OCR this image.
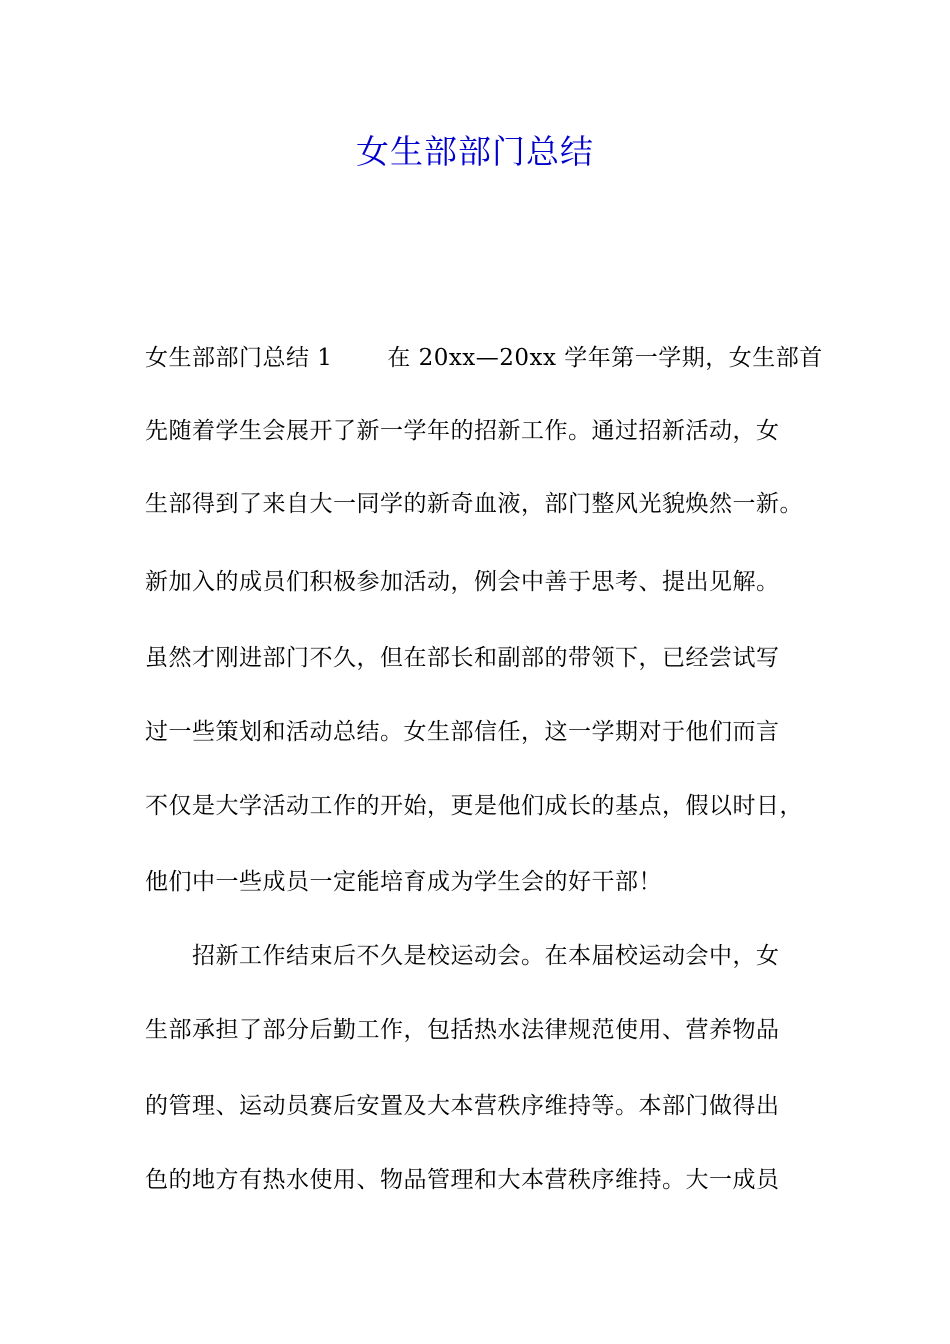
女生部部门总结
女生部部门总结 1　　 在 20xx—20xx 学年第一学期，女生部首
先随着学生会展开了新一学年的招新工作。通过招新活动，女
生部得到了来自大一同学的新奇血液，部门整风光貌焕然一新。
新加入的成员们积极参加活动，例会中善于思考、提出见解。
虽然才刚进部门不久，但在部长和副部的带领下，已经尝试写
过一些策划和活动总结。女生部信任，这一学期对于他们而言
不仅是大学活动工作的开始，更是他们成长的基点，假以时日，
他们中一些成员一定能培育成为学生会的好干部！
　　招新工作结束后不久是校运动会。在本届校运动会中，女
生部承担了部分后勤工作，包括热水法律规范使用、营养物品
的管理、运动员赛后安置及大本营秩序维持等。本部门做得出
色的地方有热水使用、物品管理和大本营秩序维持。大一成员
